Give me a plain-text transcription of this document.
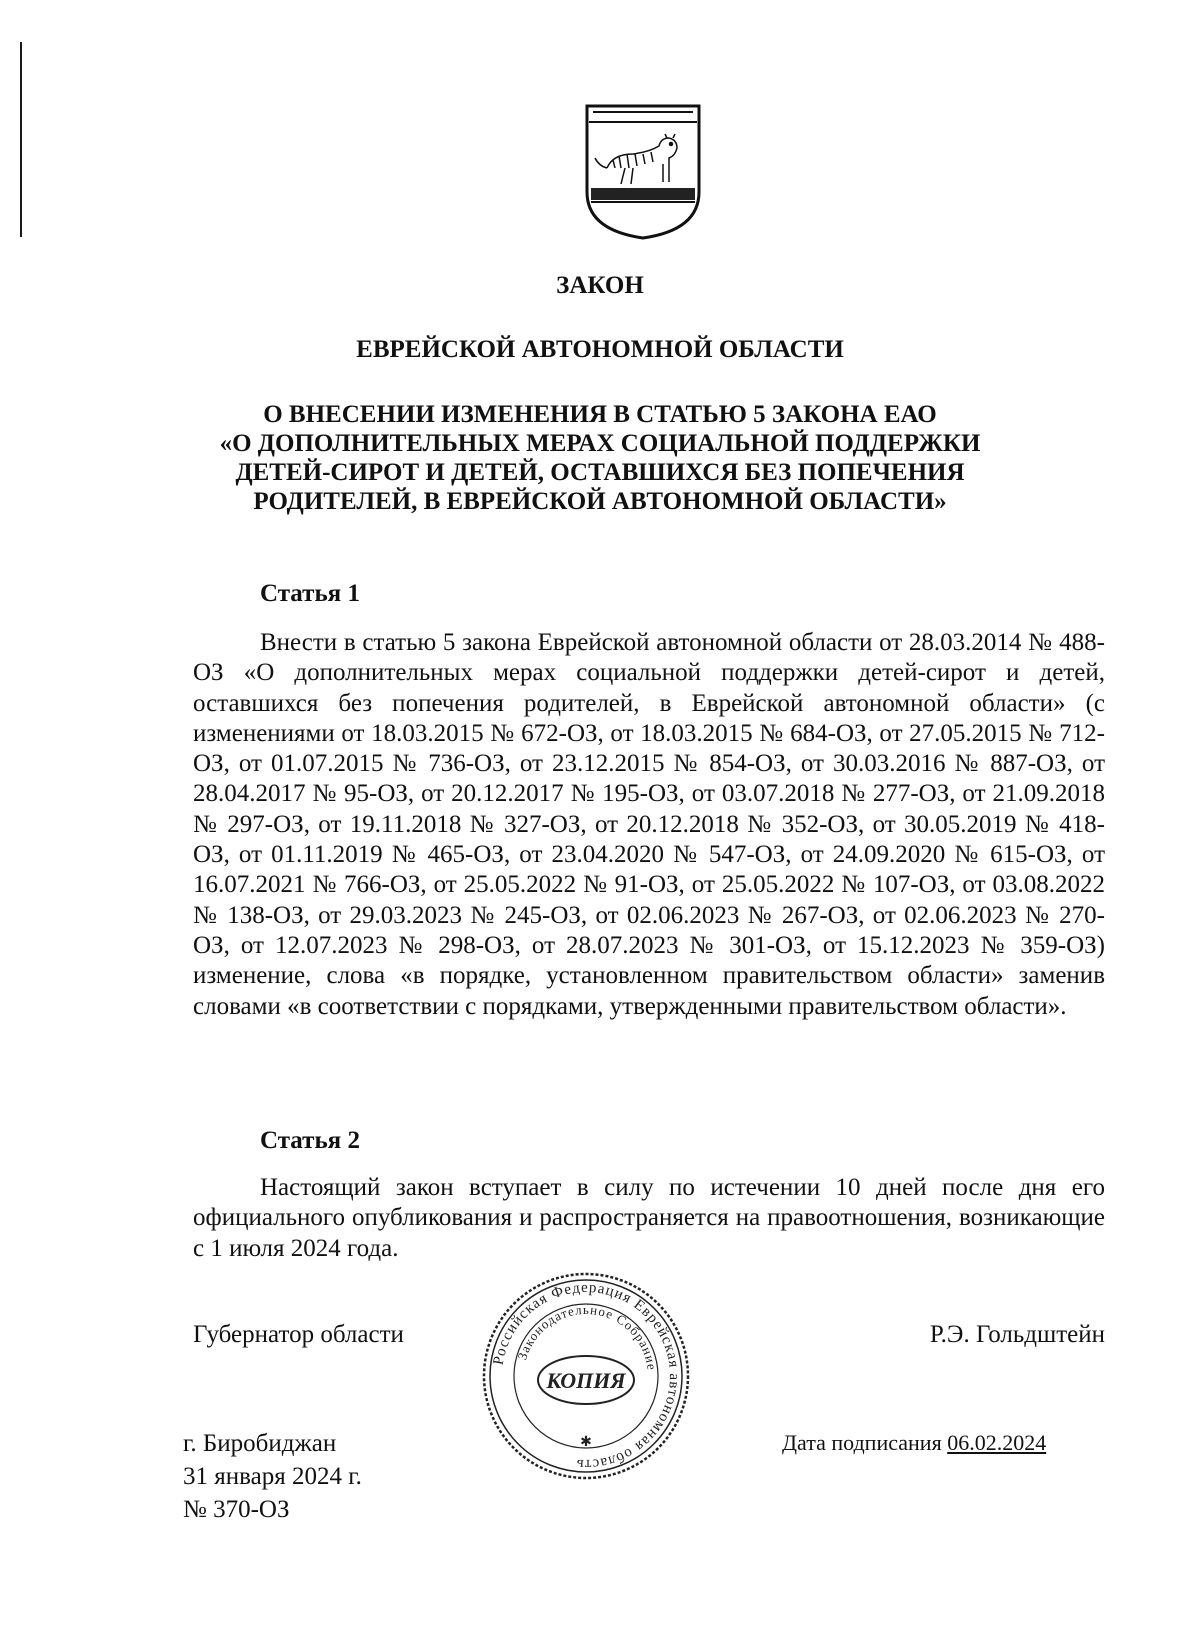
ЗАКОН
ЕВРЕЙСКОЙ АВТОНОМНОЙ ОБЛАСТИ
О ВНЕСЕНИИ ИЗМЕНЕНИЯ В СТАТЬЮ 5 ЗАКОНА ЕАО
«О ДОПОЛНИТЕЛЬНЫХ МЕРАХ СОЦИАЛЬНОЙ ПОДДЕРЖКИ
ДЕТЕЙ-СИРОТ И ДЕТЕЙ, ОСТАВШИХСЯ БЕЗ ПОПЕЧЕНИЯ
РОДИТЕЛЕЙ, В ЕВРЕЙСКОЙ АВТОНОМНОЙ ОБЛАСТИ»
Статья 1

Внести в статью 5 закона Еврейской автономной области от 28.03.2014 № 488-ОЗ «О дополнительных мерах социальной поддержки детей-сирот и детей, оставшихся без попечения родителей, в Еврейской автономной области» (с изменениями от 18.03.2015 № 672-ОЗ, от 18.03.2015 № 684-ОЗ, от 27.05.2015 № 712-ОЗ, от 01.07.2015 № 736-ОЗ, от 23.12.2015 № 854-ОЗ, от 30.03.2016 № 887-ОЗ, от 28.04.2017 № 95-ОЗ, от 20.12.2017 № 195-ОЗ, от 03.07.2018 № 277-ОЗ, от 21.09.2018 № 297-ОЗ, от 19.11.2018 № 327-ОЗ, от 20.12.2018 № 352-ОЗ, от 30.05.2019 № 418-ОЗ, от 01.11.2019 № 465-ОЗ, от 23.04.2020 № 547-ОЗ, от 24.09.2020 № 615-ОЗ, от 16.07.2021 № 766-ОЗ, от 25.05.2022 № 91-ОЗ, от 25.05.2022 № 107-ОЗ, от 03.08.2022 № 138-ОЗ, от 29.03.2023 № 245-ОЗ, от 02.06.2023 № 267-ОЗ, от 02.06.2023 № 270-ОЗ, от 12.07.2023 № 298-ОЗ, от 28.07.2023 № 301-ОЗ, от 15.12.2023 № 359-ОЗ) изменение, слова «в порядке, установленном правительством области» заменив словами «в соответствии с порядками, утвержденными правительством области».

Статья 2

Настоящий закон вступает в силу по истечении 10 дней после дня его официального опубликования и распространяется на правоотношения, возникающие с 1 июля 2024 года.

Губернатор области	Р.Э. Гольдштейн
г. Биробиджан
31 января 2024 г.
№ 370-ОЗ
Дата подписания 06.02.2024
Российская Федерация Еврейская автономная область
Законодательное Собрание
КОПИЯ
✱
